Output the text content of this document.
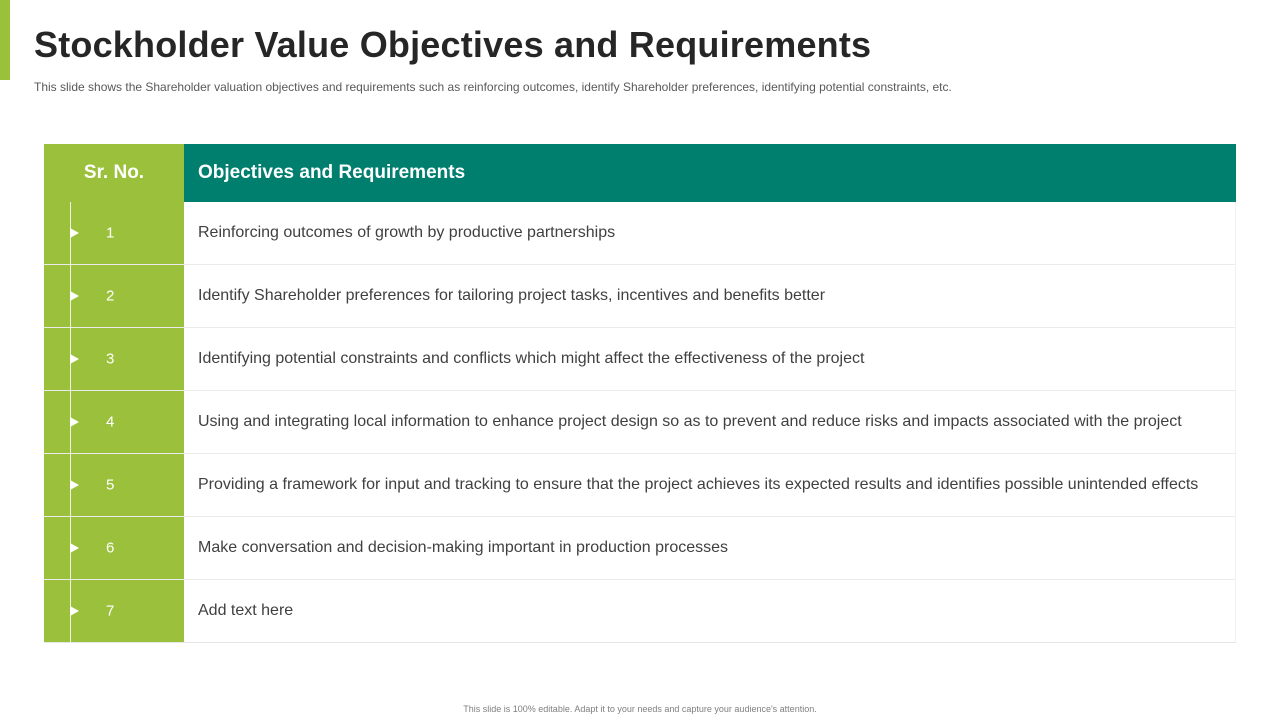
Stockholder Value Objectives and Requirements

This slide shows the Shareholder valuation objectives and requirements such as reinforcing outcomes, identify Shareholder preferences, identifying potential constraints, etc.

Sr. No.	Objectives and Requirements
1	Reinforcing outcomes of growth by productive partnerships
2	Identify Shareholder preferences for tailoring project tasks, incentives and benefits better
3	Identifying potential constraints and conflicts which might affect the effectiveness of the project
4	Using and integrating local information to enhance project design so as to prevent and reduce risks and impacts associated with the project
5	Providing a framework for input and tracking to ensure that the project achieves its expected results and identifies possible unintended effects
6	Make conversation and decision-making important in production processes
7	Add text here
This slide is 100% editable. Adapt it to your needs and capture your audience's attention.
